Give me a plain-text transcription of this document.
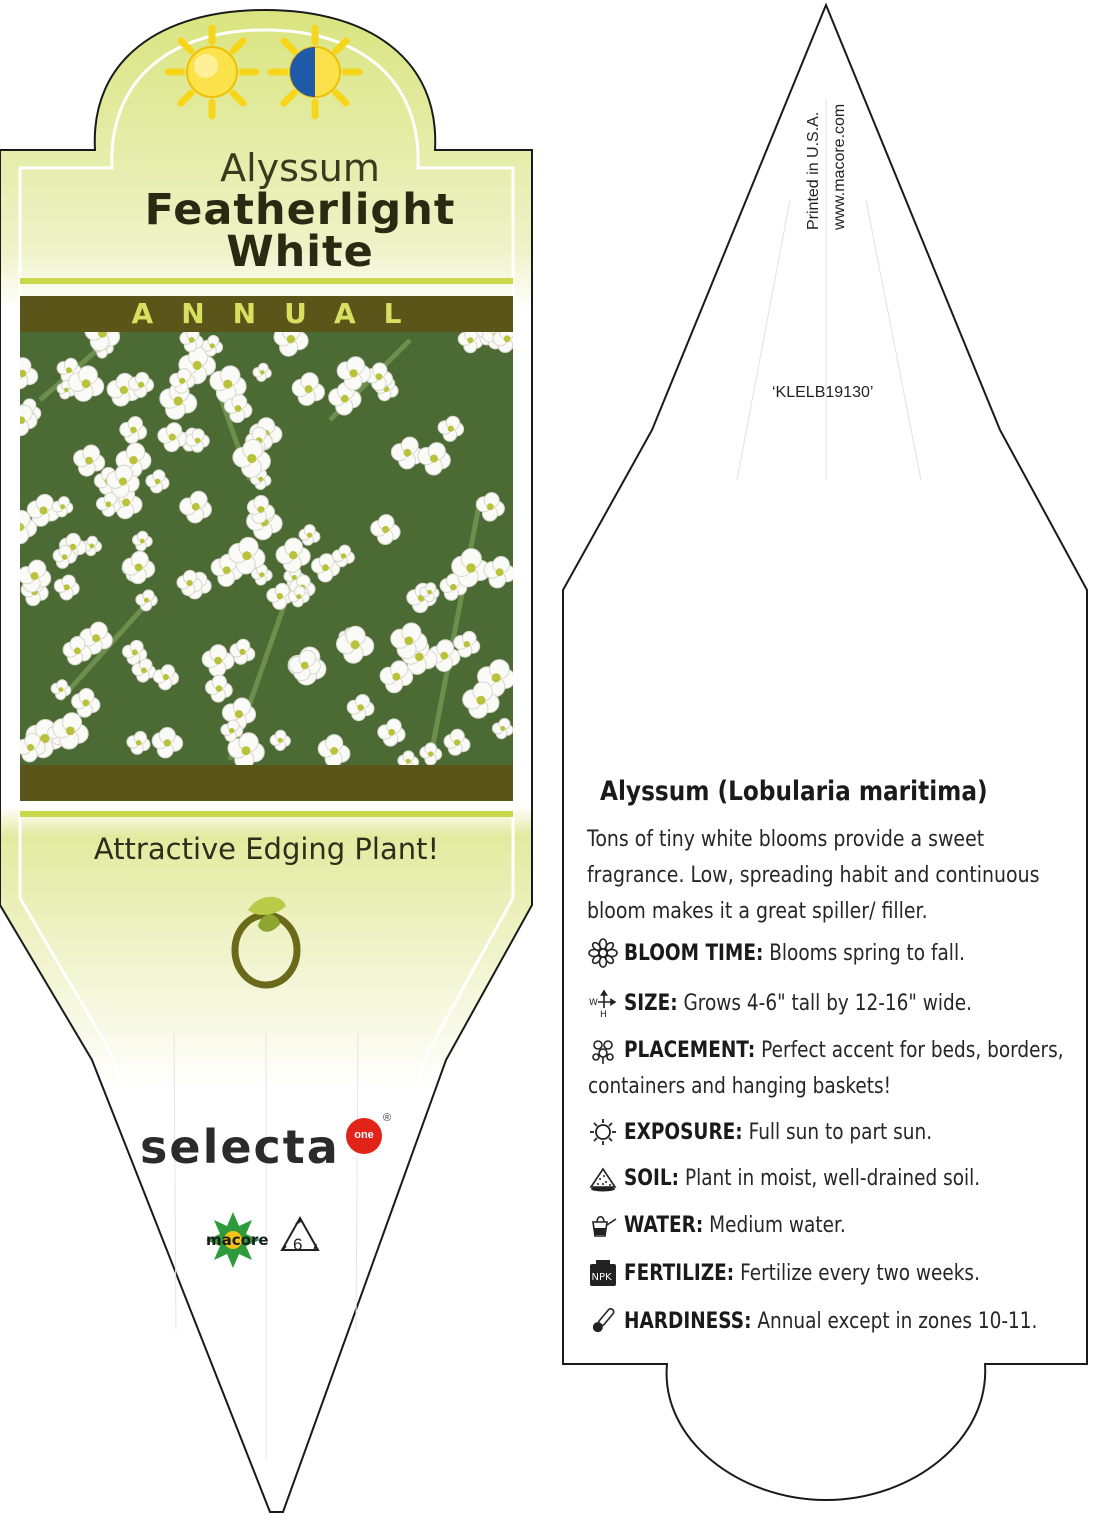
Alyssum
Featherlight
White
ANNUAL
Attractive Edging Plant!
selecta	one
®
macore 6
Printed in U.S.A. www.macore.com
‘KLELB19130’
Alyssum (Lobularia maritima)
Tons of tiny white blooms provide a sweet fragrance. Low, spreading habit and continuous bloom makes it a great spiller/ filler.
BLOOM TIME: Blooms spring to fall.
W
H SIZE: Grows 4-6" tall by 12-16" wide.
PLACEMENT: Perfect accent for beds, borders,
containers and hanging baskets!
EXPOSURE: Full sun to part sun.
SOIL: Plant in moist, well-drained soil.
WATER: Medium water.
NPK FERTILIZE: Fertilize every two weeks.
HARDINESS: Annual except in zones 10-11.
